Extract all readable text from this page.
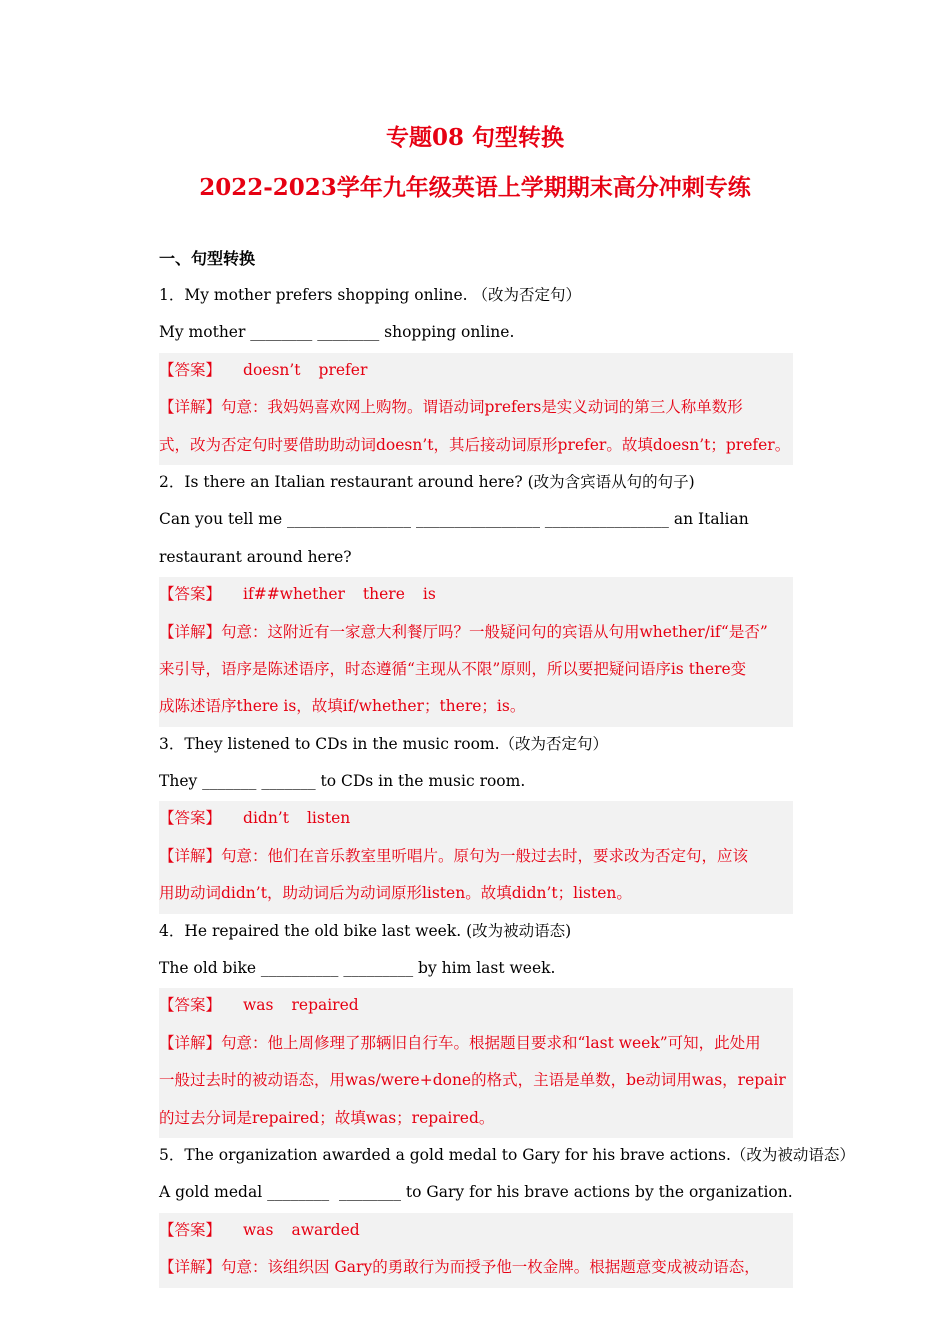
专题08 句型转换
2022-2023学年九年级英语上学期期末高分冲刺专练
一、句型转换
1．My mother prefers shopping online. （改为否定句）
My mother ________ ________ shopping online.
【答案】 doesn’t prefer
【详解】句意：我妈妈喜欢网上购物。谓语动词prefers是实义动词的第三人称单数形
式，改为否定句时要借助助动词doesn’t，其后接动词原形prefer。故填doesn’t；prefer。
2．Is there an Italian restaurant around here? (改为含宾语从句的句子)
Can you tell me ________________ ________________ ________________ an Italian
restaurant around here?
【答案】 if##whether there is
【详解】句意：这附近有一家意大利餐厅吗？一般疑问句的宾语从句用whether/if“是否”
来引导，语序是陈述语序，时态遵循“主现从不限”原则，所以要把疑问语序is there变
成陈述语序there is，故填if/whether；there；is。
3．They listened to CDs in the music room.（改为否定句）
They _______ _______ to CDs in the music room.
【答案】 didn’t listen
【详解】句意：他们在音乐教室里听唱片。原句为一般过去时，要求改为否定句，应该
用助动词didn’t，助动词后为动词原形listen。故填didn’t；listen。
4．He repaired the old bike last week. (改为被动语态)
The old bike __________ _________ by him last week.
【答案】 was repaired
【详解】句意：他上周修理了那辆旧自行车。根据题目要求和“last week”可知，此处用
一般过去时的被动语态，用was/were+done的格式，主语是单数，be动词用was，repair
的过去分词是repaired；故填was；repaired。
5．The organization awarded a gold medal to Gary for his brave actions.（改为被动语态）
A gold medal ________  ________ to Gary for his brave actions by the organization.
【答案】 was awarded
【详解】句意：该组织因 Gary的勇敢行为而授予他一枚金牌。根据题意变成被动语态，
